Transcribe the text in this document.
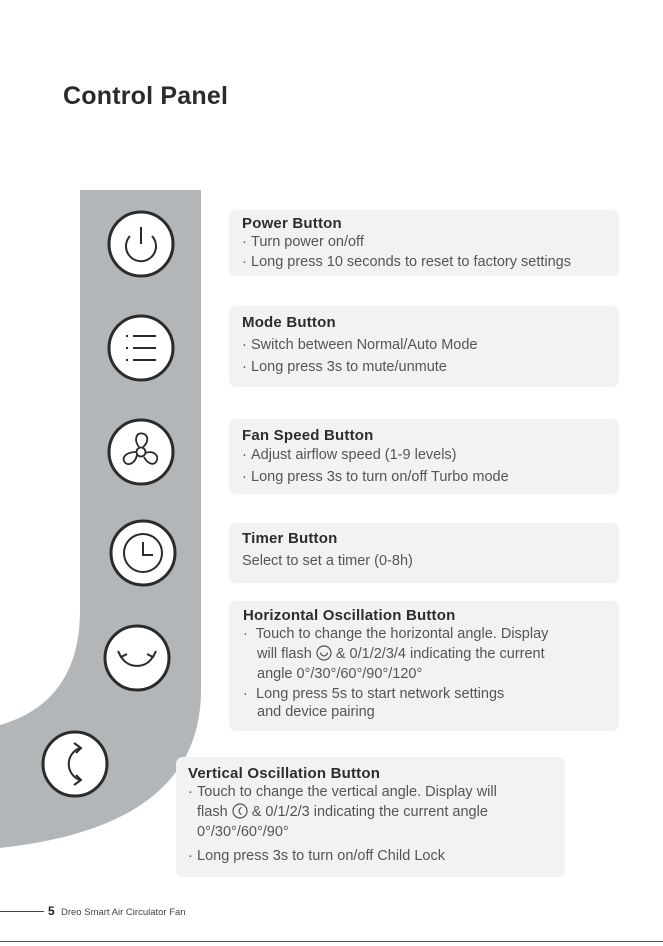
Control Panel
Power Button
· Turn power on/off
· Long press 10 seconds to reset to factory settings
Mode Button
· Switch between Normal/Auto Mode
· Long press 3s to mute/unmute
Fan Speed Button
· Adjust airflow speed (1-9 levels)
· Long press 3s to turn on/off Turbo mode
Timer Button
Select to set a timer (0-8h)
Horizontal Oscillation Button
· Touch to change the horizontal angle. Display
will flash & 0/1/2/3/4 indicating the current
angle 0°/30°/60°/90°/120°
· Long press 5s to start network settings
and device pairing
Vertical Oscillation Button
· Touch to change the vertical angle. Display will
flash & 0/1/2/3 indicating the current angle
0°/30°/60°/90°
· Long press 3s to turn on/off Child Lock
5 Dreo Smart Air Circulator Fan
